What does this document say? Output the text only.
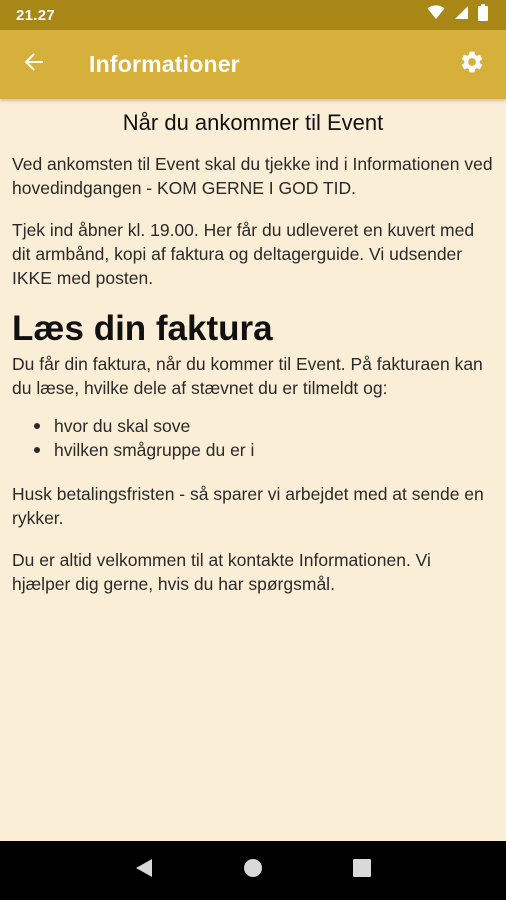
21.27
Informationer
Når du ankommer til Event

Ved ankomsten til Event skal du tjekke ind i Informationen ved hovedindgangen - KOM GERNE I GOD TID.

Tjek ind åbner kl. 19.00. Her får du udleveret en kuvert med dit armbånd, kopi af faktura og deltagerguide. Vi udsender IKKE med posten.

Læs din faktura

Du får din faktura, når du kommer til Event. På fakturaen kan du læse, hvilke dele af stævnet du er tilmeldt og:

hvor du skal sove
hvilken smågruppe du er i

Husk betalingsfristen - så sparer vi arbejdet med at sende en rykker.

Du er altid velkommen til at kontakte Informationen. Vi hjælper dig gerne, hvis du har spørgsmål.
